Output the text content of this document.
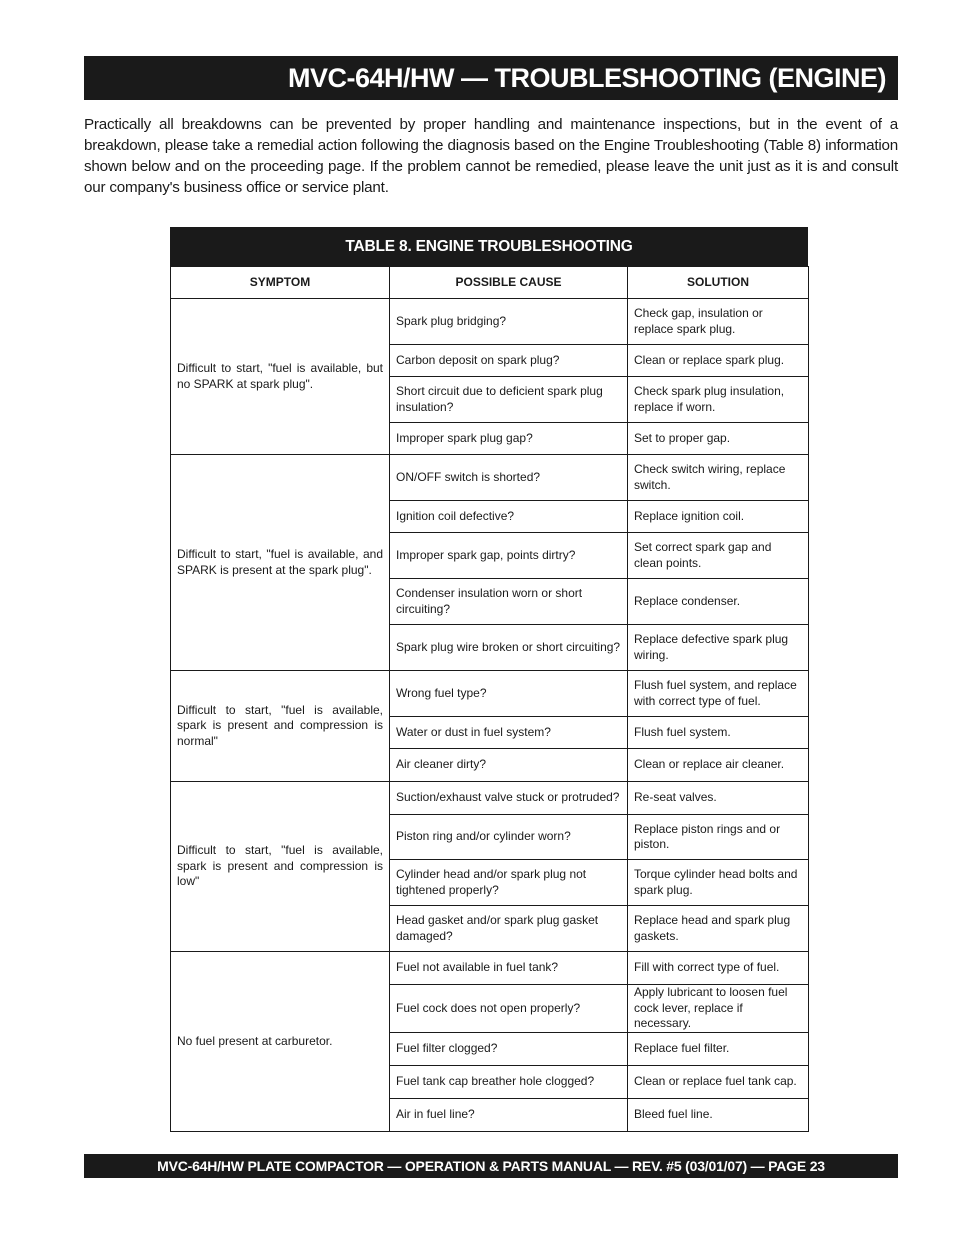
MVC-64H/HW — TROUBLESHOOTING (ENGINE)

Practically all breakdowns can be prevented by proper handling and maintenance inspections, but in the event of a breakdown, please take a remedial action following the diagnosis based on the Engine Troubleshooting (Table 8) information shown below and on the proceeding page. If the problem cannot be remedied, please leave the unit just as it is and consult our company's business office or service plant.

TABLE 8. ENGINE TROUBLESHOOTING
SYMPTOM	POSSIBLE CAUSE	SOLUTION
Difficult to start, "fuel is available, but no SPARK at spark plug".	Spark plug bridging?	Check gap, insulation or replace spark plug.
	Carbon deposit on spark plug?	Clean or replace spark plug.
	Short circuit due to deficient spark plug insulation?	Check spark plug insulation, replace if worn.
	Improper spark plug gap?	Set to proper gap.
Difficult to start, "fuel is available, and SPARK is present at the spark plug".	ON/OFF switch is shorted?	Check switch wiring, replace switch.
	Ignition coil defective?	Replace ignition coil.
	Improper spark gap, points dirtry?	Set correct spark gap and clean points.
	Condenser insulation worn or short circuiting?	Replace condenser.
	Spark plug wire broken or short circuiting?	Replace defective spark plug wiring.
Difficult to start, "fuel is available, spark is present and compression is normal"	Wrong fuel type?	Flush fuel system, and replace with correct type of fuel.
	Water or dust in fuel system?	Flush fuel system.
	Air cleaner dirty?	Clean or replace air cleaner.
Difficult to start, "fuel is available, spark is present and compression is low"	Suction/exhaust valve stuck or protruded?	Re-seat valves.
	Piston ring and/or cylinder worn?	Replace piston rings and or piston.
	Cylinder head and/or spark plug not tightened properly?	Torque cylinder head bolts and spark plug.
	Head gasket and/or spark plug gasket damaged?	Replace head and spark plug gaskets.
No fuel present at carburetor.	Fuel not available in fuel tank?	Fill with correct type of fuel.
	Fuel cock does not open properly?	Apply lubricant to loosen fuel cock lever, replace if necessary.
	Fuel filter clogged?	Replace fuel filter.
	Fuel tank cap breather hole clogged?	Clean or replace fuel tank cap.
	Air in fuel line?	Bleed fuel line.
MVC-64H/HW PLATE COMPACTOR — OPERATION & PARTS MANUAL — REV. #5 (03/01/07) — PAGE 23
